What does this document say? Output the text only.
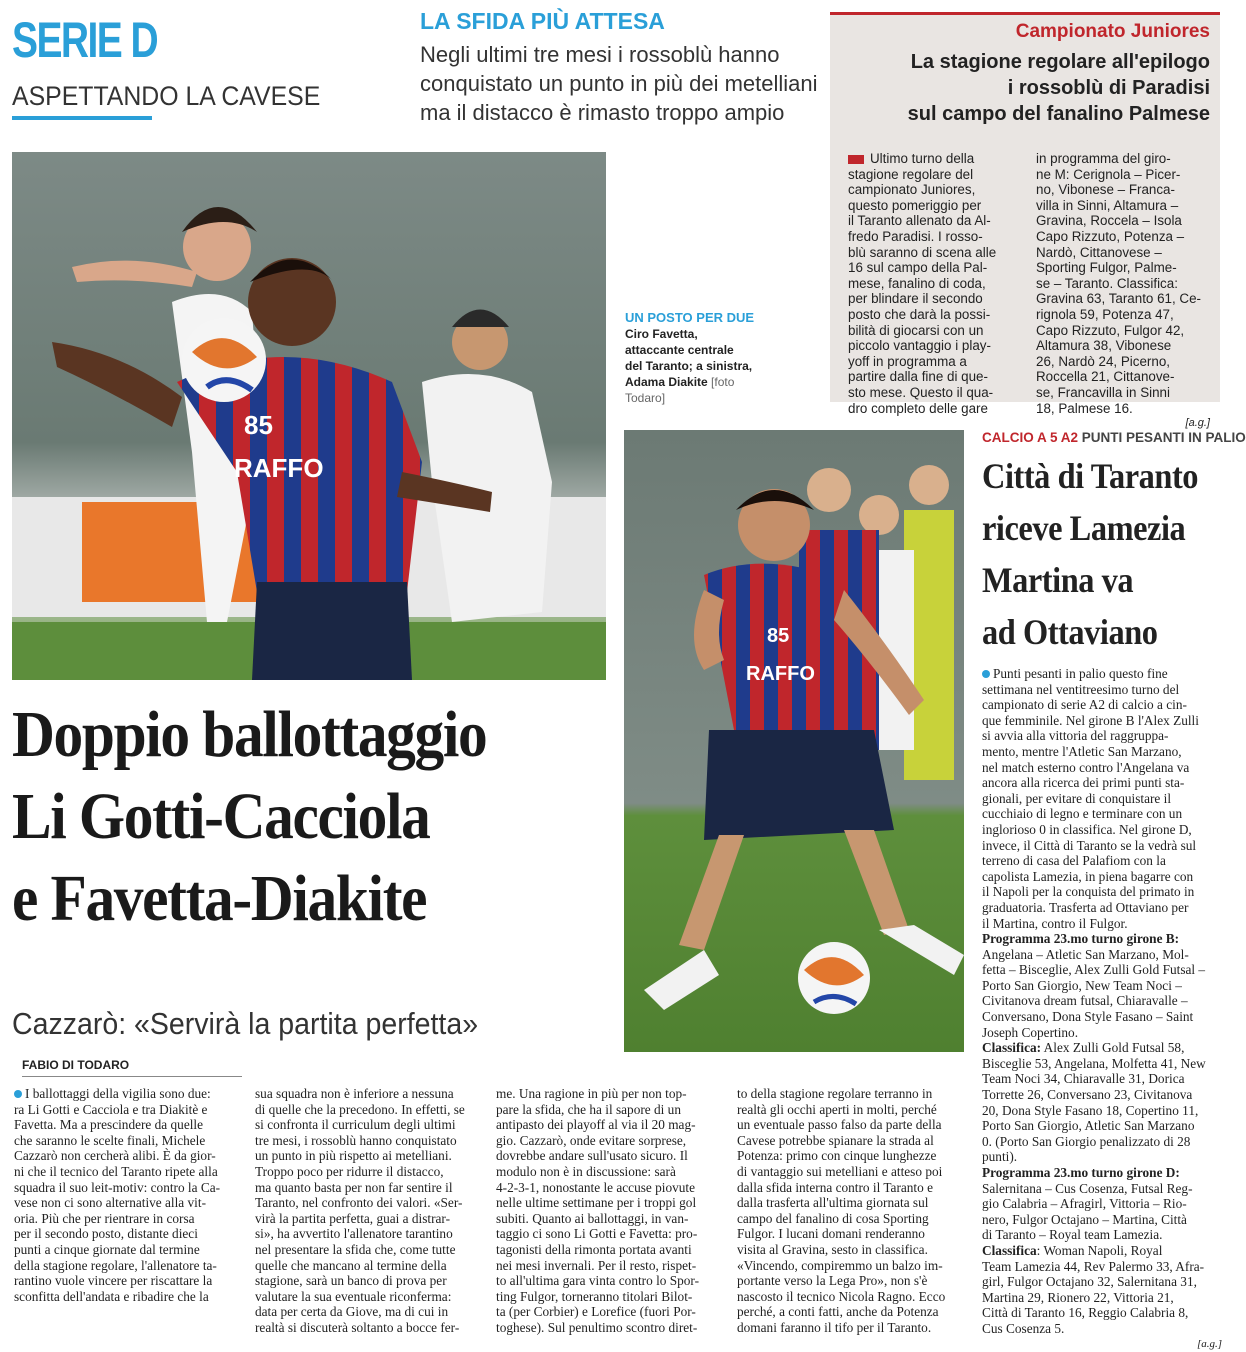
SERIE D
ASPETTANDO LA CAVESE
LA SFIDA PIÙ ATTESA
Negli ultimi tre mesi i rossoblù hanno
conquistato un punto in più dei metelliani
ma il distacco è rimasto troppo ampio
Campionato Juniores
La stagione regolare all'epilogo
i rossoblù di Paradisi
sul campo del fanalino Palmese
Ultimo turno della
stagione regolare del
campionato Juniores,
questo pomeriggio per
il Taranto allenato da Al-
fredo Paradisi. I rosso-
blù saranno di scena alle
16 sul campo della Pal-
mese, fanalino di coda,
per blindare il secondo
posto che darà la possi-
bilità di giocarsi con un
piccolo vantaggio i play-
yoff in programma a
partire dalla fine di que-
sto mese. Questo il qua-
dro completo delle gare
in programma del giro-
ne M: Cerignola – Picer-
no, Vibonese – Franca-
villa in Sinni, Altamura –
Gravina, Roccela – Isola
Capo Rizzuto, Potenza –
Nardò, Cittanovese –
Sporting Fulgor, Palme-
se – Taranto. Classifica:
Gravina 63, Taranto 61, Ce-
rignola 59, Potenza 47,
Capo Rizzuto, Fulgor 42,
Altamura 38, Vibonese
26, Nardò 24, Picerno,
Roccella 21, Cittanove-
se, Francavilla in Sinni
18, Palmese 16.
[a.g.]
85
RAFFO
UN POSTO PER DUE
Ciro Favetta,
attaccante centrale
del Taranto; a sinistra,
Adama Diakite [foto
Todaro]
85
RAFFO
Doppio ballottaggio
Li Gotti-Cacciola
e Favetta-Diakite
Cazzarò: «Servirà la partita perfetta»
FABIO DI TODARO
I ballottaggi della vigilia sono due:
ra Li Gotti e Cacciola e tra Diakitè e
Favetta. Ma a prescindere da quelle
che saranno le scelte finali, Michele
Cazzarò non cercherà alibi. È da gior-
ni che il tecnico del Taranto ripete alla
squadra il suo leit-motiv: contro la Ca-
vese non ci sono alternative alla vit-
oria. Più che per rientrare in corsa
per il secondo posto, distante dieci
punti a cinque giornate dal termine
della stagione regolare, l'allenatore ta-
rantino vuole vincere per riscattare la
sconfitta dell'andata e ribadire che la
sua squadra non è inferiore a nessuna
di quelle che la precedono. In effetti, se
si confronta il curriculum degli ultimi
tre mesi, i rossoblù hanno conquistato
un punto in più rispetto ai metelliani.
Troppo poco per ridurre il distacco,
ma quanto basta per non far sentire il
Taranto, nel confronto dei valori. «Ser-
virà la partita perfetta, guai a distrar-
si», ha avvertito l'allenatore tarantino
nel presentare la sfida che, come tutte
quelle che mancano al termine della
stagione, sarà un banco di prova per
valutare la sua eventuale riconferma:
data per certa da Giove, ma di cui in
realtà si discuterà soltanto a bocce fer-
me. Una ragione in più per non top-
pare la sfida, che ha il sapore di un
antipasto dei playoff al via il 20 mag-
gio. Cazzarò, onde evitare sorprese,
dovrebbe andare sull'usato sicuro. Il
modulo non è in discussione: sarà
4-2-3-1, nonostante le accuse piovute
nelle ultime settimane per i troppi gol
subiti. Quanto ai ballottaggi, in van-
taggio ci sono Li Gotti e Favetta: pro-
tagonisti della rimonta portata avanti
nei mesi invernali. Per il resto, rispet-
to all'ultima gara vinta contro lo Spor-
ting Fulgor, torneranno titolari Bilot-
ta (per Corbier) e Lorefice (fuori Por-
toghese). Sul penultimo scontro diret-
to della stagione regolare terranno in
realtà gli occhi aperti in molti, perché
un eventuale passo falso da parte della
Cavese potrebbe spianare la strada al
Potenza: primo con cinque lunghezze
di vantaggio sui metelliani e atteso poi
dalla sfida interna contro il Taranto e
dalla trasferta all'ultima giornata sul
campo del fanalino di cosa Sporting
Fulgor. I lucani domani renderanno
visita al Gravina, sesto in classifica.
«Vincendo, compiremmo un balzo im-
portante verso la Lega Pro», non s'è
nascosto il tecnico Nicola Ragno. Ecco
perché, a conti fatti, anche da Potenza
domani faranno il tifo per il Taranto.
CALCIO A 5 A2 PUNTI PESANTI IN PALIO
Città di Taranto
riceve Lamezia
Martina va
ad Ottaviano
Punti pesanti in palio questo fine
settimana nel ventitreesimo turno del
campionato di serie A2 di calcio a cin-
que femminile. Nel girone B l'Alex Zulli
si avvia alla vittoria del raggruppa-
mento, mentre l'Atletic San Marzano,
nel match esterno contro l'Angelana va
ancora alla ricerca dei primi punti sta-
gionali, per evitare di conquistare il
cucchiaio di legno e terminare con un
inglorioso 0 in classifica. Nel girone D,
invece, il Città di Taranto se la vedrà sul
terreno di casa del Palafiom con la
capolista Lamezia, in piena bagarre con
il Napoli per la conquista del primato in
graduatoria. Trasferta ad Ottaviano per
il Martina, contro il Fulgor.
Programma 23.mo turno girone B:
Angelana – Atletic San Marzano, Mol-
fetta – Bisceglie, Alex Zulli Gold Futsal –
Porto San Giorgio, New Team Noci –
Civitanova dream futsal, Chiaravalle –
Conversano, Dona Style Fasano – Saint
Joseph Copertino.
Classifica: Alex Zulli Gold Futsal 58,
Bisceglie 53, Angelana, Molfetta 41, New
Team Noci 34, Chiaravalle 31, Dorica
Torrette 26, Conversano 23, Civitanova
20, Dona Style Fasano 18, Copertino 11,
Porto San Giorgio, Atletic San Marzano
0. (Porto San Giorgio penalizzato di 28
punti).
Programma 23.mo turno girone D:
Salernitana – Cus Cosenza, Futsal Reg-
gio Calabria – Afragirl, Vittoria – Rio-
nero, Fulgor Octajano – Martina, Città
di Taranto – Royal team Lamezia.
Classifica: Woman Napoli, Royal
Team Lamezia 44, Rev Palermo 33, Afra-
girl, Fulgor Octajano 32, Salernitana 31,
Martina 29, Rionero 22, Vittoria 21,
Città di Taranto 16, Reggio Calabria 8,
Cus Cosenza 5.
[a.g.]
